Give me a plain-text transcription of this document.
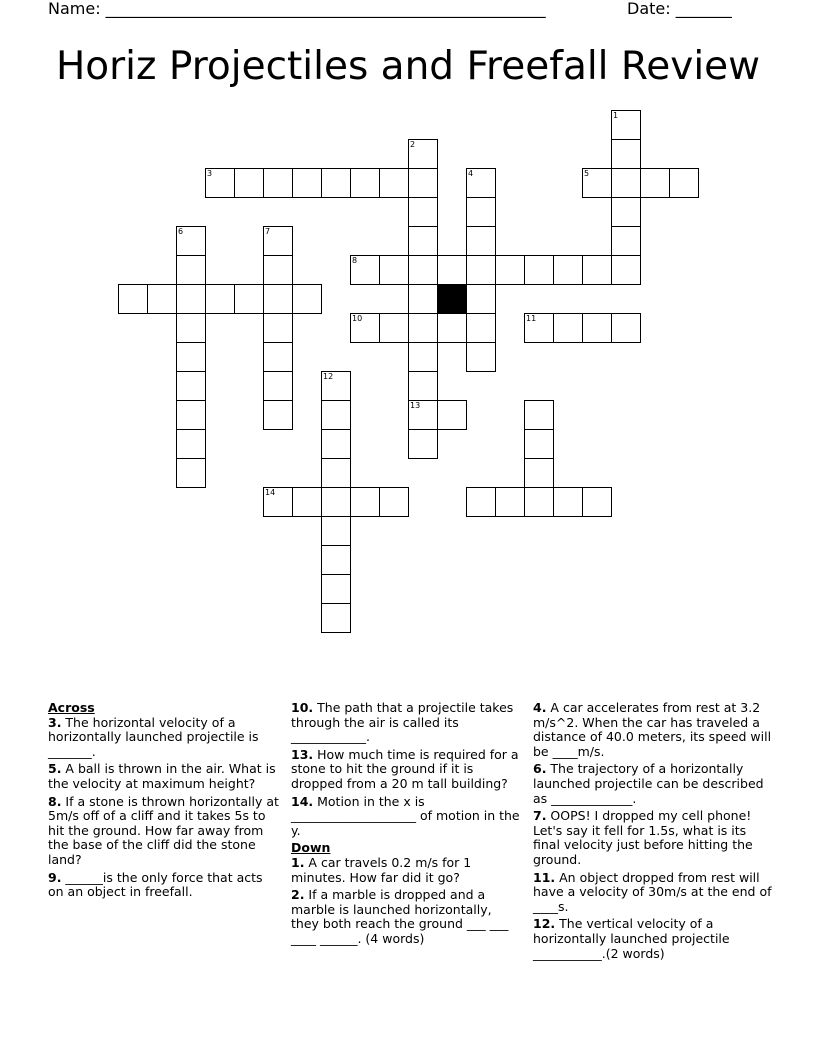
Name: _______________________________________________________	Date: _______
Horiz Projectiles and Freefall Review
1
2
13
3	4	5
6	7
8
10	11
12
14
Across
3. The horizontal velocity of a horizontally launched projectile is _______.
5. A ball is thrown in the air. What is the velocity at maximum height?
8. If a stone is thrown horizontally at 5m/s off of a cliff and it takes 5s to hit the ground. How far away from the base of the cliff did the stone land?
9. ______is the only force that acts on an object in freefall.
10. The path that a projectile takes through the air is called its ____________.
13. How much time is required for a stone to hit the ground if it is dropped from a 20 m tall building?
14. Motion in the x is ____________________ of motion in the y.
Down
1. A car travels 0.2 m/s for 1 minutes. How far did it go?
2. If a marble is dropped and a marble is launched horizontally, they both reach the ground ___ ___ ____ ______. (4 words)
4. A car accelerates from rest at 3.2 m/s^2. When the car has traveled a distance of 40.0 meters, its speed will be ____m/s.
6. The trajectory of a horizontally launched projectile can be described as _____________.
7. OOPS! I dropped my cell phone! Let's say it fell for 1.5s, what is its final velocity just before hitting the ground.
11. An object dropped from rest will have a velocity of 30m/s at the end of ____s.
12. The vertical velocity of a horizontally launched projectile ___________.(2 words)
